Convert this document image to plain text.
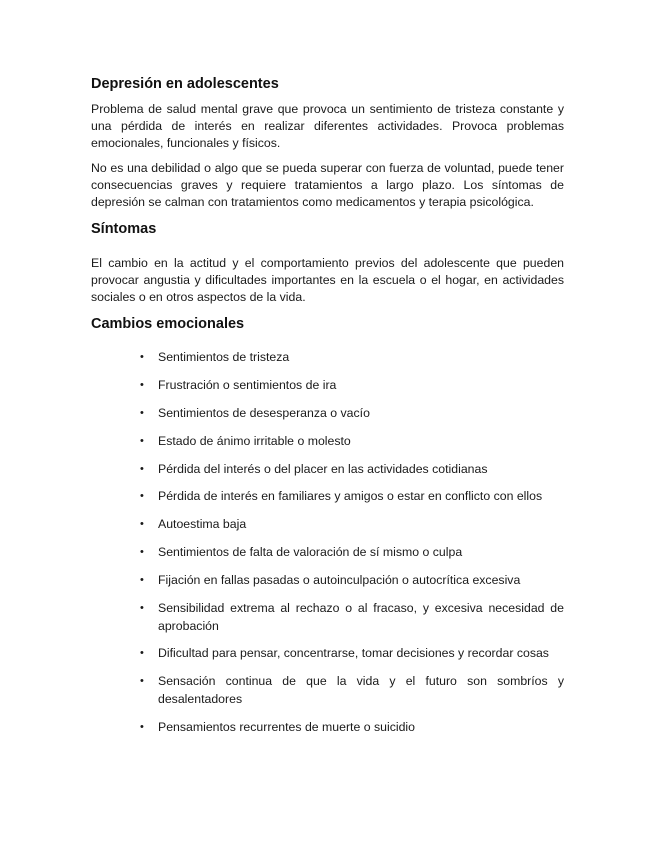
Depresión en adolescentes

Problema de salud mental grave que provoca un sentimiento de tristeza constante y una pérdida de interés en realizar diferentes actividades. Provoca problemas emocionales, funcionales y físicos.

No es una debilidad o algo que se pueda superar con fuerza de voluntad, puede tener consecuencias graves y requiere tratamientos a largo plazo. Los síntomas de depresión se calman con tratamientos como medicamentos y terapia psicológica.

Síntomas

El cambio en la actitud y el comportamiento previos del adolescente que pueden provocar angustia y dificultades importantes en la escuela o el hogar, en actividades sociales o en otros aspectos de la vida.

Cambios emocionales
•	Sentimientos de tristeza
•	Frustración o sentimientos de ira
•	Sentimientos de desesperanza o vacío
•	Estado de ánimo irritable o molesto
•	Pérdida del interés o del placer en las actividades cotidianas
•	Pérdida de interés en familiares y amigos o estar en conflicto con ellos
•	Autoestima baja
•	Sentimientos de falta de valoración de sí mismo o culpa
•	Fijación en fallas pasadas o autoinculpación o autocrítica excesiva
•	Sensibilidad extrema al rechazo o al fracaso, y excesiva necesidad de aprobación
•	Dificultad para pensar, concentrarse, tomar decisiones y recordar cosas
•	Sensación continua de que la vida y el futuro son sombríos y desalentadores
•	Pensamientos recurrentes de muerte o suicidio
